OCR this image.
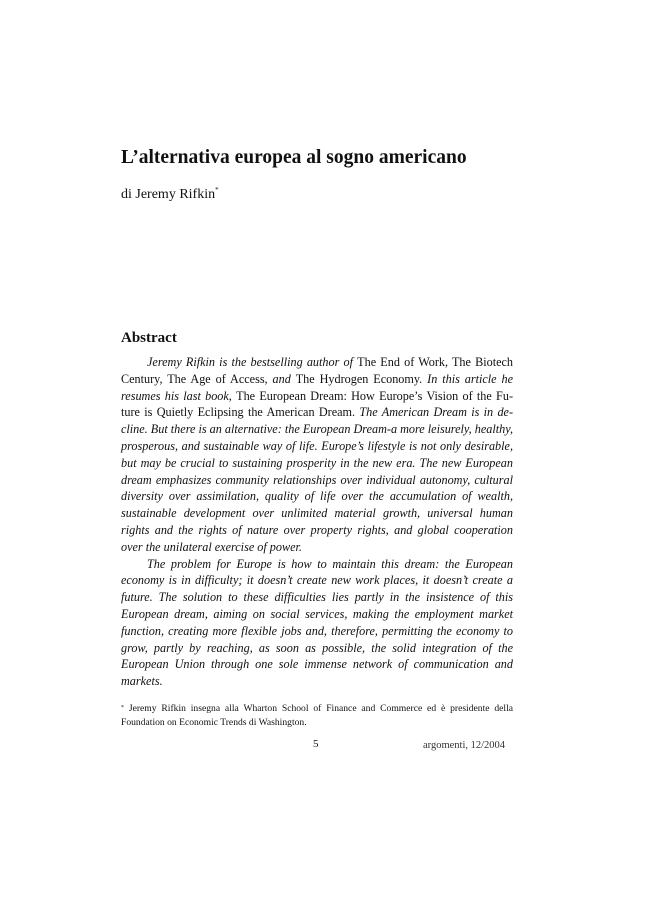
L’alternativa europea al sogno americano
di Jeremy Rifkin*
Abstract

Jeremy Rifkin is the bestselling author of The End of Work, The Biotech Century, The Age of Access, and The Hydrogen Economy. In this article he resumes his last book, The European Dream: How Europe’s Vision of the Future is Quietly Eclipsing the American Dream. The American Dream is in decline. But there is an alternative: the European Dream-a more leisurely, healthy, prosperous, and sustainable way of life. Europe’s lifestyle is not only desirable, but may be crucial to sustaining prosperity in the new era. The new European dream emphasizes community relationships over individual autonomy, cultural diversity over assimilation, quality of life over the accumulation of wealth, sustainable development over unlimited material growth, universal human rights and the rights of nature over property rights, and global cooperation over the unilateral exercise of power.

The problem for Europe is how to maintain this dream: the European economy is in difficulty; it doesn’t create new work places, it doesn’t create a future. The solution to these difficulties lies partly in the insistence of this European dream, aiming on social services, making the employment market function, creating more flexible jobs and, therefore, permitting the economy to grow, partly by reaching, as soon as possible, the solid integration of the European Union through one sole immense network of communication and markets.

* Jeremy Rifkin insegna alla Wharton School of Finance and Commerce ed è presidente della Foundation on Economic Trends di Washington.
5	argomenti, 12/2004
